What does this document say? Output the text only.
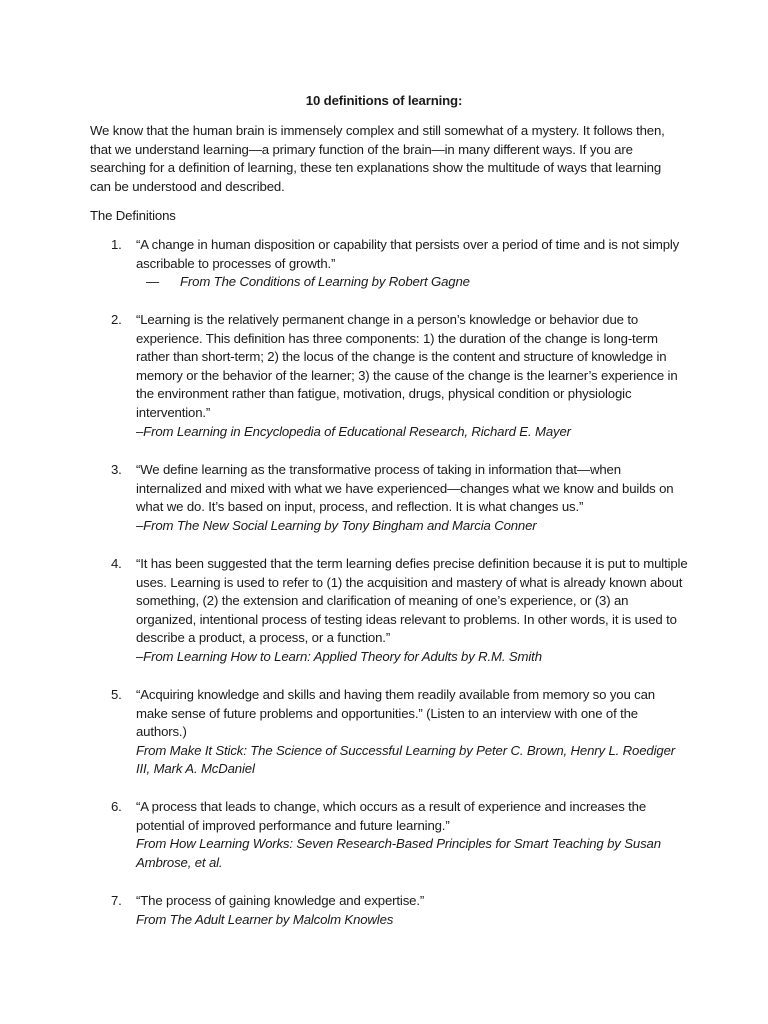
10 definitions of learning:

We know that the human brain is immensely complex and still somewhat of a mystery. It follows then, that we understand learning—a primary function of the brain—in many different ways. If you are searching for a definition of learning, these ten explanations show the multitude of ways that learning can be understood and described.

The Definitions

1. “A change in human disposition or capability that persists over a period of time and is not simply ascribable to processes of growth.”

— From The Conditions of Learning by Robert Gagne

2. “Learning is the relatively permanent change in a person’s knowledge or behavior due to experience. This definition has three components: 1) the duration of the change is long-term rather than short-term; 2) the locus of the change is the content and structure of knowledge in memory or the behavior of the learner; 3) the cause of the change is the learner’s experience in the environment rather than fatigue, motivation, drugs, physical condition or physiologic intervention.”

–From Learning in Encyclopedia of Educational Research, Richard E. Mayer

3. “We define learning as the transformative process of taking in information that—when internalized and mixed with what we have experienced—changes what we know and builds on what we do. It’s based on input, process, and reflection. It is what changes us.”

–From The New Social Learning by Tony Bingham and Marcia Conner

4. “It has been suggested that the term learning defies precise definition because it is put to multiple uses. Learning is used to refer to (1) the acquisition and mastery of what is already known about something, (2) the extension and clarification of meaning of one’s experience, or (3) an organized, intentional process of testing ideas relevant to problems. In other words, it is used to describe a product, a process, or a function.”

–From Learning How to Learn: Applied Theory for Adults by R.M. Smith

5. “Acquiring knowledge and skills and having them readily available from memory so you can make sense of future problems and opportunities.” (Listen to an interview with one of the authors.)

From Make It Stick: The Science of Successful Learning by Peter C. Brown, Henry L. Roediger III, Mark A. McDaniel

6. “A process that leads to change, which occurs as a result of experience and increases the potential of improved performance and future learning.”

From How Learning Works: Seven Research-Based Principles for Smart Teaching by Susan Ambrose, et al.

7. “The process of gaining knowledge and expertise.”

From The Adult Learner by Malcolm Knowles
